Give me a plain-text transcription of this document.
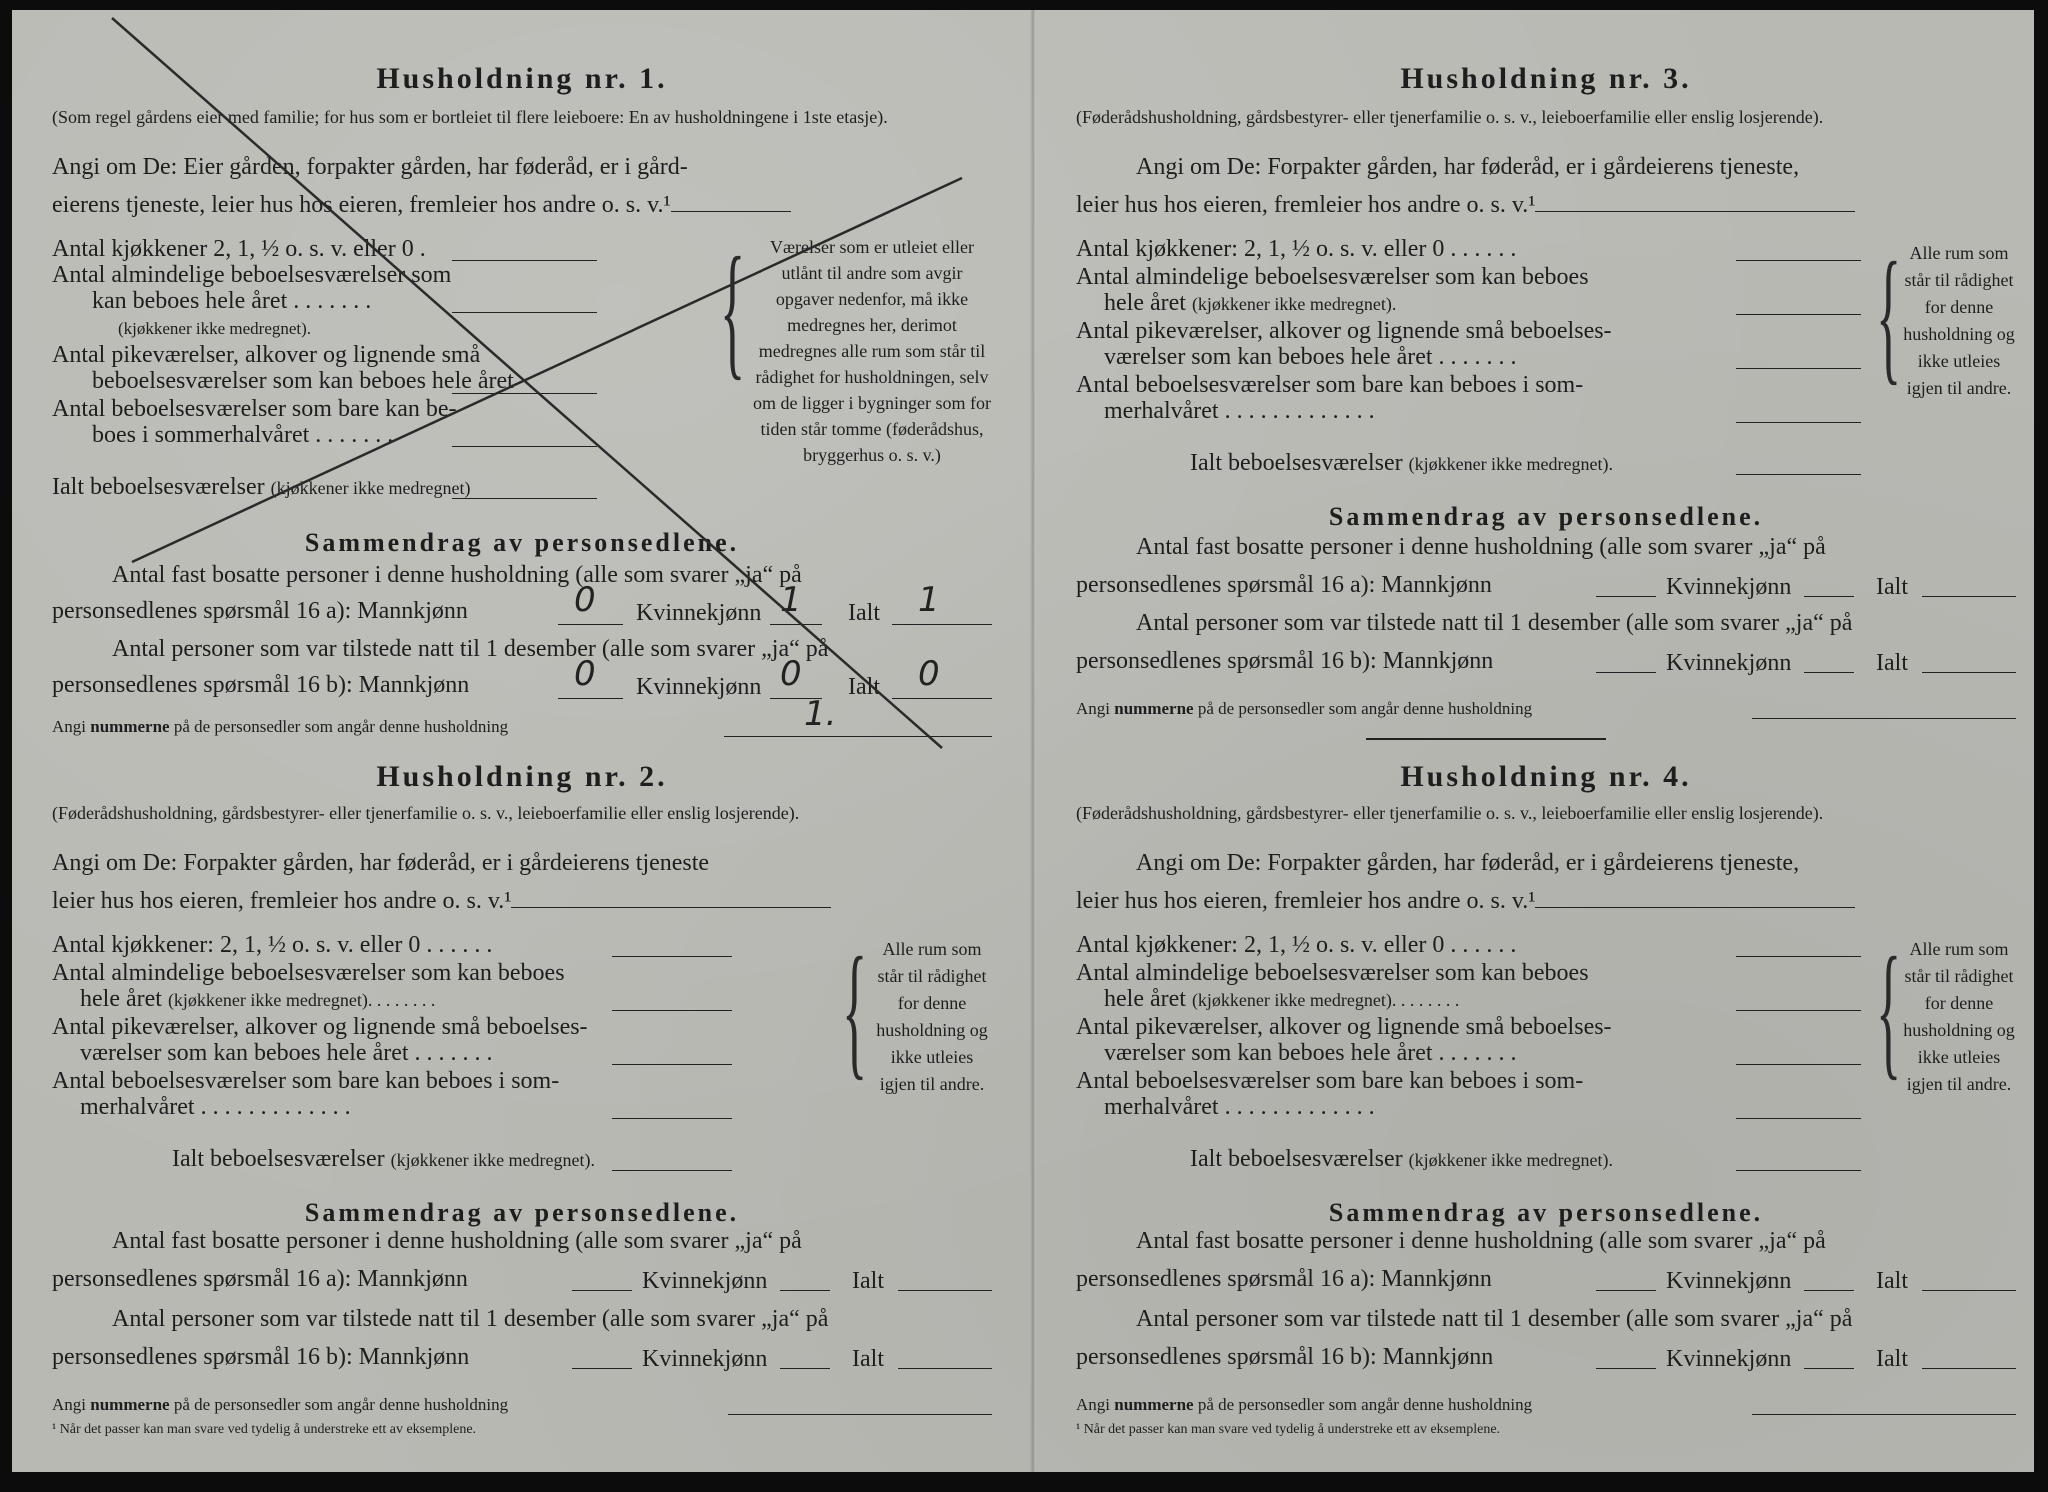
Husholdning nr. 1.
(Som regel gårdens eier med familie; for hus som er bortleiet til flere leieboere: En av husholdningene i 1ste etasje).
Angi om De: Eier gården, forpakter gården, har føderåd, er i gård-
eierens tjeneste, leier hus hos eieren, fremleier hos andre o. s. v.¹
Antal kjøkkener 2, 1, ½ o. s. v. eller 0 .
Antal almindelige beboelsesværelser som
kan beboes hele året . . . . . . .
(kjøkkener ikke medregnet).
Antal pikeværelser, alkover og lignende små
beboelsesværelser som kan beboes hele året
Antal beboelsesværelser som bare kan be-
boes i sommerhalvåret . . . . . . .
Ialt beboelsesværelser (kjøkkener ikke medregnet)
{	Værelser som er utleiet eller utlånt til andre som avgir opgaver nedenfor, må ikke medregnes her, derimot medregnes alle rum som står til rådighet for husholdningen, selv om de ligger i bygninger som for tiden står tomme (føderådshus, bryggerhus o. s. v.)
Sammendrag av personsedlene.
Antal fast bosatte personer i denne husholdning (alle som svarer „ja“ på
personsedlenes spørsmål 16 a): Mannkjønn	0 Kvinnekjønn 1 Ialt 1
Antal personer som var tilstede natt til 1 desember (alle som svarer „ja“ på
personsedlenes spørsmål 16 b): Mannkjønn	0 Kvinnekjønn 0 Ialt 0
Angi nummerne på de personsedler som angår denne husholdning	1.
Husholdning nr. 2.
(Føderådshusholdning, gårdsbestyrer- eller tjenerfamilie o. s. v., leieboerfamilie eller enslig losjerende).
Angi om De: Forpakter gården, har føderåd, er i gårdeierens tjeneste
leier hus hos eieren, fremleier hos andre o. s. v.¹
Antal kjøkkener: 2, 1, ½ o. s. v. eller 0 . . . . . .
Antal almindelige beboelsesværelser som kan beboes
hele året (kjøkkener ikke medregnet). . . . . . . .
Antal pikeværelser, alkover og lignende små beboelses-
værelser som kan beboes hele året . . . . . . .
Antal beboelsesværelser som bare kan beboes i som-
merhalvåret . . . . . . . . . . . . .
Ialt beboelsesværelser (kjøkkener ikke medregnet).
{ Alle rum som står til rådighet for denne husholdning og ikke utleies igjen til andre.
Sammendrag av personsedlene.
Antal fast bosatte personer i denne husholdning (alle som svarer „ja“ på
personsedlenes spørsmål 16 a): Mannkjønn	Kvinnekjønn	Ialt
Antal personer som var tilstede natt til 1 desember (alle som svarer „ja“ på
personsedlenes spørsmål 16 b): Mannkjønn	Kvinnekjønn	Ialt
Angi nummerne på de personsedler som angår denne husholdning
¹ Når det passer kan man svare ved tydelig å understreke ett av eksemplene.
Husholdning nr. 3.
(Føderådshusholdning, gårdsbestyrer- eller tjenerfamilie o. s. v., leieboerfamilie eller enslig losjerende).
Angi om De: Forpakter gården, har føderåd, er i gårdeierens tjeneste,
leier hus hos eieren, fremleier hos andre o. s. v.¹
Antal kjøkkener: 2, 1, ½ o. s. v. eller 0 . . . . . .
Antal almindelige beboelsesværelser som kan beboes
hele året (kjøkkener ikke medregnet).
Antal pikeværelser, alkover og lignende små beboelses-
værelser som kan beboes hele året . . . . . . .
Antal beboelsesværelser som bare kan beboes i som-
merhalvåret . . . . . . . . . . . . .
Ialt beboelsesværelser (kjøkkener ikke medregnet).
{ Alle rum som står til rådighet for denne husholdning og ikke utleies igjen til andre.
Sammendrag av personsedlene.
Antal fast bosatte personer i denne husholdning (alle som svarer „ja“ på
personsedlenes spørsmål 16 a): Mannkjønn	Kvinnekjønn	Ialt
Antal personer som var tilstede natt til 1 desember (alle som svarer „ja“ på
personsedlenes spørsmål 16 b): Mannkjønn	Kvinnekjønn	Ialt
Angi nummerne på de personsedler som angår denne husholdning
Husholdning nr. 4.
(Føderådshusholdning, gårdsbestyrer- eller tjenerfamilie o. s. v., leieboerfamilie eller enslig losjerende).
Angi om De: Forpakter gården, har føderåd, er i gårdeierens tjeneste,
leier hus hos eieren, fremleier hos andre o. s. v.¹
Antal kjøkkener: 2, 1, ½ o. s. v. eller 0 . . . . . .
Antal almindelige beboelsesværelser som kan beboes
hele året (kjøkkener ikke medregnet). . . . . . . .
Antal pikeværelser, alkover og lignende små beboelses-
værelser som kan beboes hele året . . . . . . .
Antal beboelsesværelser som bare kan beboes i som-
merhalvåret . . . . . . . . . . . . .
Ialt beboelsesværelser (kjøkkener ikke medregnet).
{ Alle rum som står til rådighet for denne husholdning og ikke utleies igjen til andre.
Sammendrag av personsedlene.
Antal fast bosatte personer i denne husholdning (alle som svarer „ja“ på
personsedlenes spørsmål 16 a): Mannkjønn	Kvinnekjønn	Ialt
Antal personer som var tilstede natt til 1 desember (alle som svarer „ja“ på
personsedlenes spørsmål 16 b): Mannkjønn	Kvinnekjønn	Ialt
Angi nummerne på de personsedler som angår denne husholdning
¹ Når det passer kan man svare ved tydelig å understreke ett av eksemplene.
